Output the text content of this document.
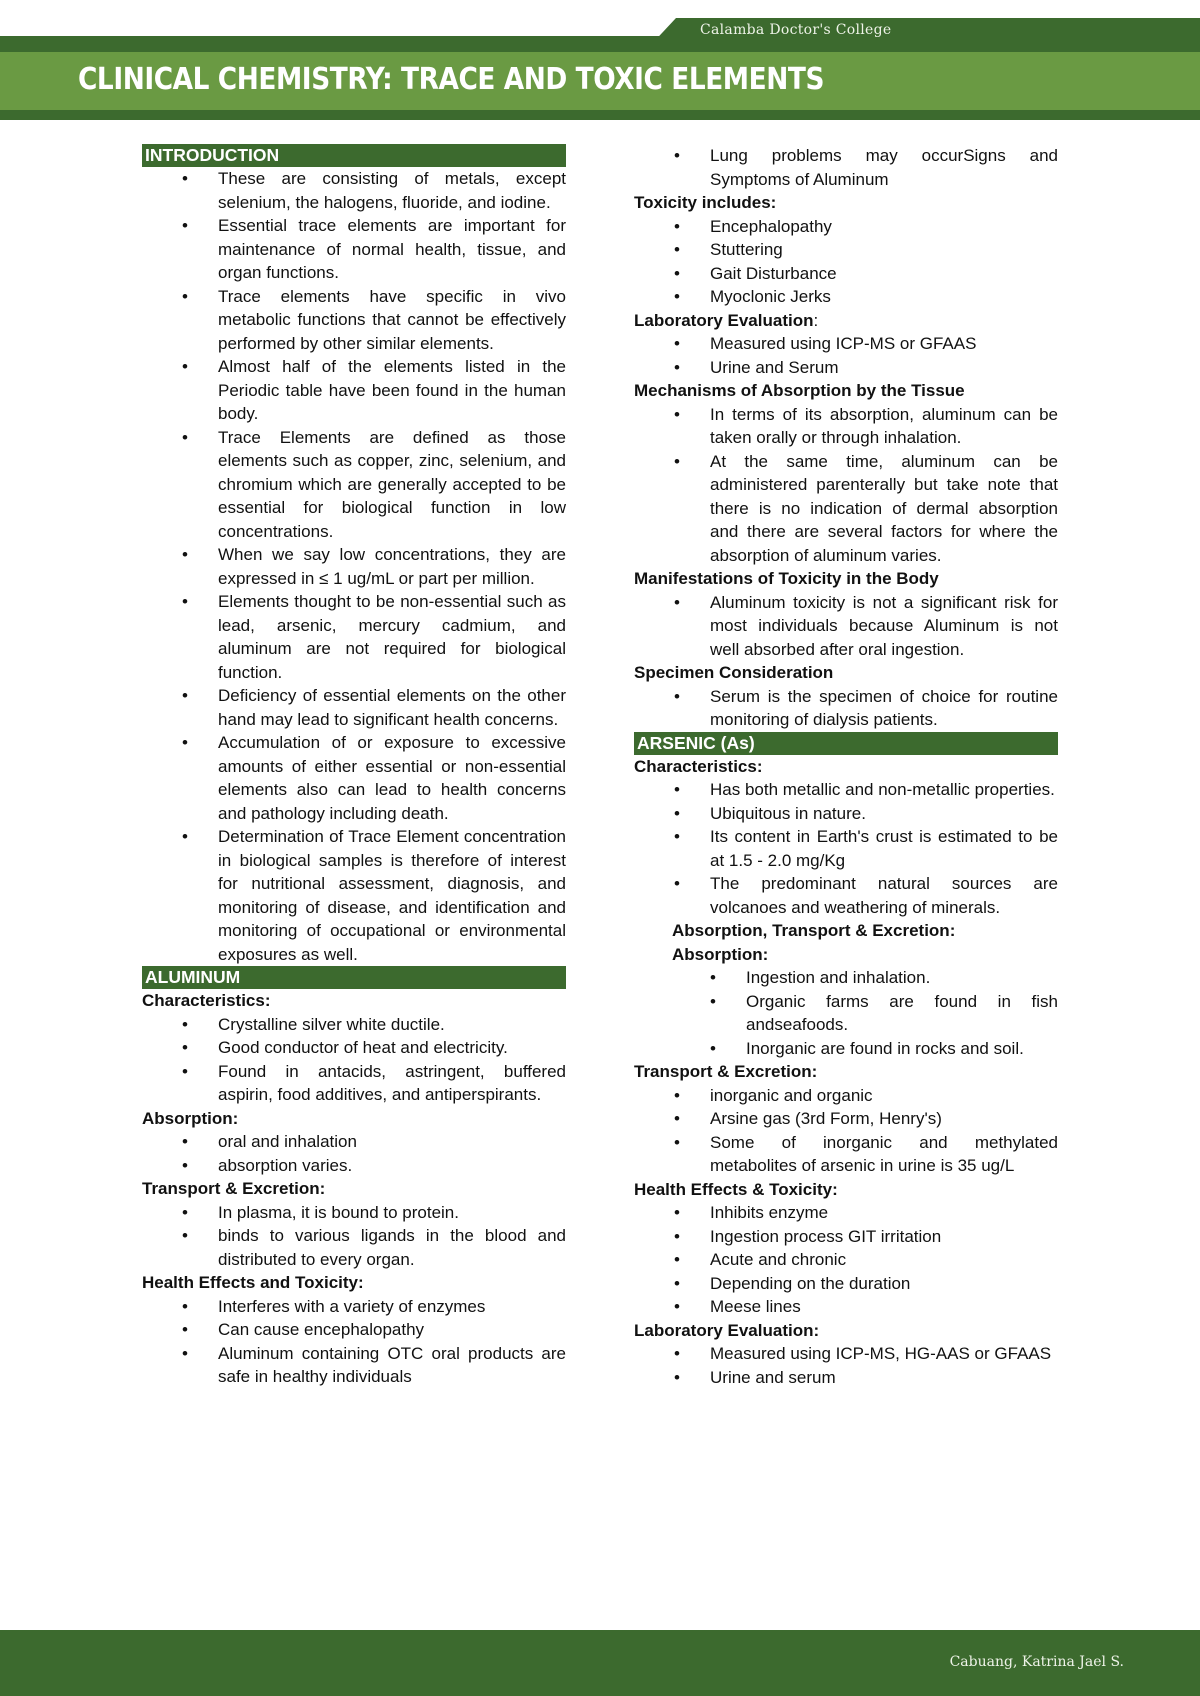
Calamba Doctor's College
CLINICAL CHEMISTRY: TRACE AND TOXIC ELEMENTS
INTRODUCTION
• These are consisting of metals, except selenium, the halogens, fluoride, and iodine.
• Essential trace elements are important for maintenance of normal health, tissue, and organ functions.
• Trace elements have specific in vivo metabolic functions that cannot be effectively performed by other similar elements.
• Almost half of the elements listed in the Periodic table have been found in the human body.
• Trace Elements are defined as those elements such as copper, zinc, selenium, and chromium which are generally accepted to be essential for biological function in low concentrations.
• When we say low concentrations, they are expressed in ≤ 1 ug/mL or part per million.
• Elements thought to be non-essential such as lead, arsenic, mercury cadmium, and aluminum are not required for biological function.
• Deficiency of essential elements on the other hand may lead to significant health concerns.
• Accumulation of or exposure to excessive amounts of either essential or non-essential elements also can lead to health concerns and pathology including death.
• Determination of Trace Element concentration in biological samples is therefore of interest for nutritional assessment, diagnosis, and monitoring of disease, and identification and monitoring of occupational or environmental exposures as well.
ALUMINUM
Characteristics:
• Crystalline silver white ductile.
• Good conductor of heat and electricity.
• Found in antacids, astringent, buffered aspirin, food additives, and antiperspirants.
Absorption:
• oral and inhalation
• absorption varies.
Transport & Excretion:
• In plasma, it is bound to protein.
• binds to various ligands in the blood and distributed to every organ.
Health Effects and Toxicity:
• Interferes with a variety of enzymes
• Can cause encephalopathy
• Aluminum containing OTC oral products are safe in healthy individuals
• Lung problems may occurSigns and Symptoms of Aluminum
Toxicity includes:
• Encephalopathy
• Stuttering
• Gait Disturbance
• Myoclonic Jerks
Laboratory Evaluation:
• Measured using ICP-MS or GFAAS
• Urine and Serum
Mechanisms of Absorption by the Tissue
• In terms of its absorption, aluminum can be taken orally or through inhalation.
• At the same time, aluminum can be administered parenterally but take note that there is no indication of dermal absorption and there are several factors for where the absorption of aluminum varies.
Manifestations of Toxicity in the Body
• Aluminum toxicity is not a significant risk for most individuals because Aluminum is not well absorbed after oral ingestion.
Specimen Consideration
• Serum is the specimen of choice for routine monitoring of dialysis patients.
ARSENIC (As)
Characteristics:
• Has both metallic and non-metallic properties.
• Ubiquitous in nature.
• Its content in Earth's crust is estimated to be at 1.5 - 2.0 mg/Kg
• The predominant natural sources are volcanoes and weathering of minerals.
Absorption, Transport & Excretion:
Absorption:
• Ingestion and inhalation.
• Organic farms are found in fish andseafoods.
• Inorganic are found in rocks and soil.
Transport & Excretion:
• inorganic and organic
• Arsine gas (3rd Form, Henry's)
• Some of inorganic and methylated metabolites of arsenic in urine is 35 ug/L
Health Effects & Toxicity:
• Inhibits enzyme
• Ingestion process GIT irritation
• Acute and chronic
• Depending on the duration
• Meese lines
Laboratory Evaluation:
• Measured using ICP-MS, HG-AAS or GFAAS
• Urine and serum
Cabuang, Katrina Jael S.
